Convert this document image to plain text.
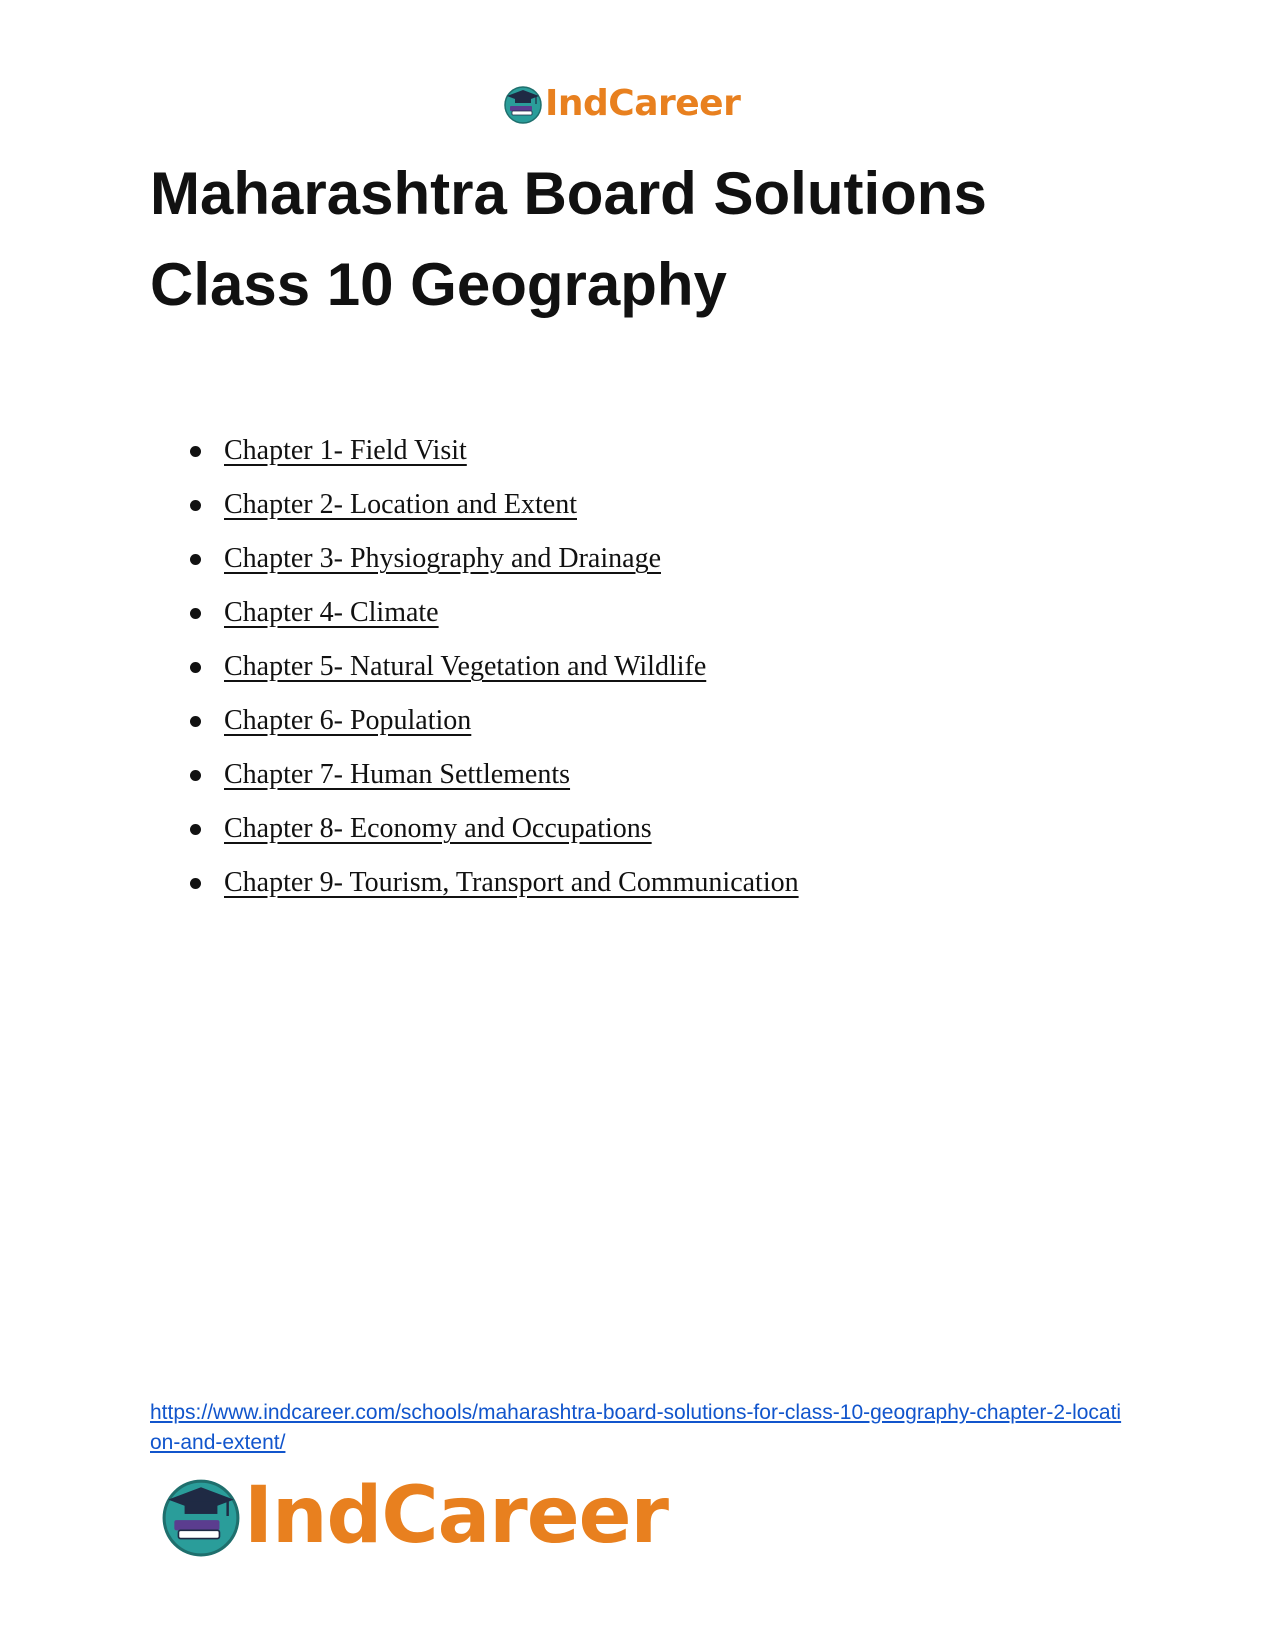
IndCareer
Maharashtra Board Solutions
Class 10 Geography
Chapter 1- Field Visit
Chapter 2- Location and Extent
Chapter 3- Physiography and Drainage
Chapter 4- Climate
Chapter 5- Natural Vegetation and Wildlife
Chapter 6- Population
Chapter 7- Human Settlements
Chapter 8- Economy and Occupations
Chapter 9- Tourism, Transport and Communication
https://www.indcareer.com/schools/maharashtra-board-solutions-for-class-10-geography-chapter-2-location-and-extent/
IndCareer
